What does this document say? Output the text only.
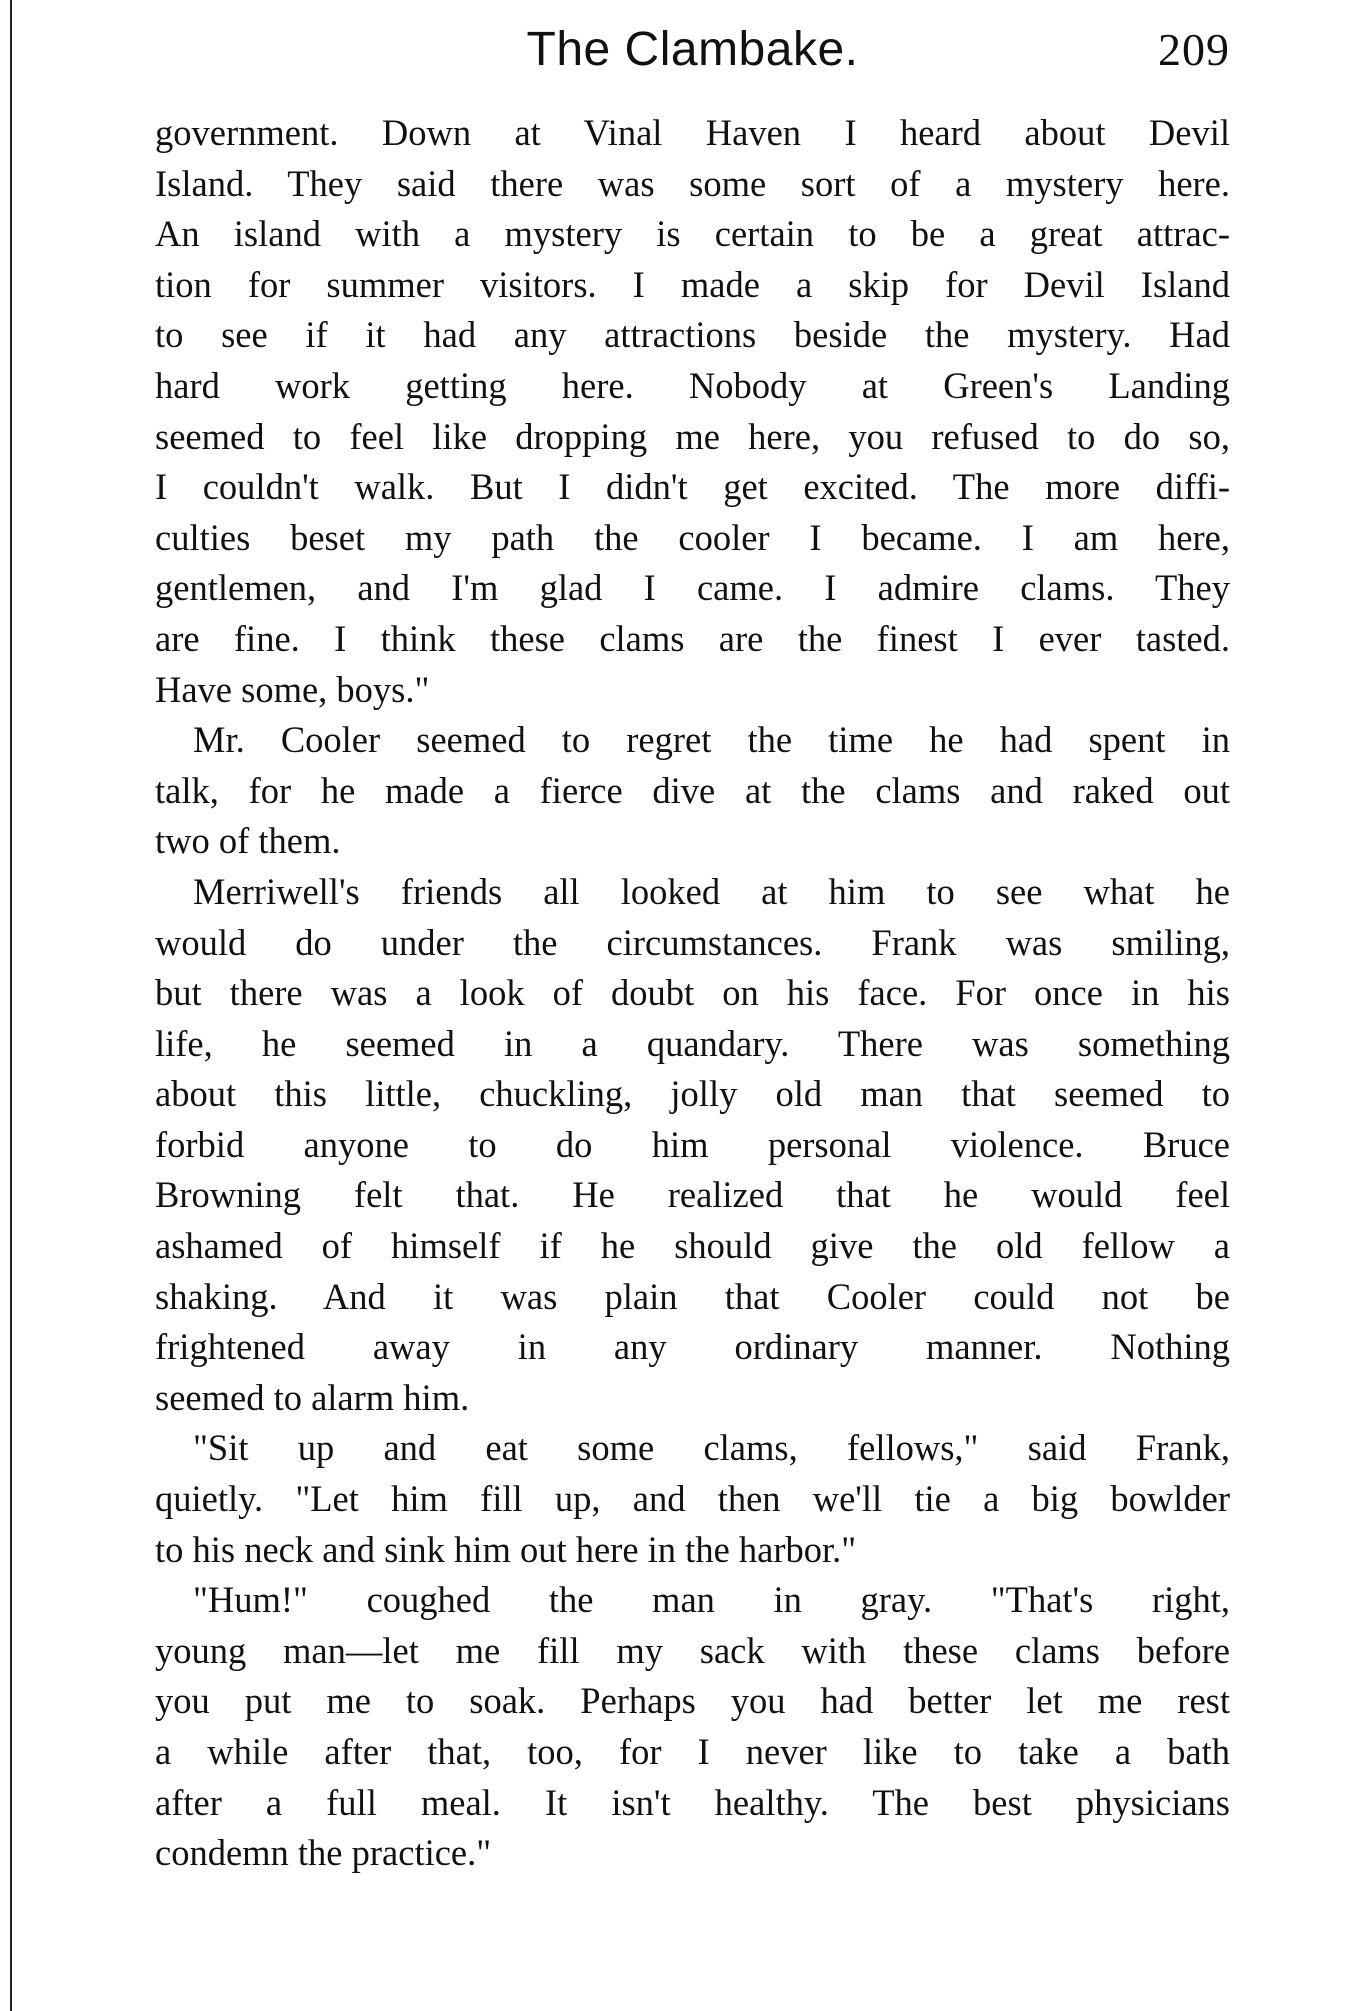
The Clambake.	209
government. Down at Vinal Haven I heard about Devil
Island. They said there was some sort of a mystery here.
An island with a mystery is certain to be a great attrac-
tion for summer visitors. I made a skip for Devil Island
to see if it had any attractions beside the mystery. Had
hard work getting here. Nobody at Green's Landing
seemed to feel like dropping me here, you refused to do so,
I couldn't walk. But I didn't get excited. The more diffi-
culties beset my path the cooler I became. I am here,
gentlemen, and I'm glad I came. I admire clams. They
are fine. I think these clams are the finest I ever tasted.
Have some, boys."
Mr. Cooler seemed to regret the time he had spent in
talk, for he made a fierce dive at the clams and raked out
two of them.
Merriwell's friends all looked at him to see what he
would do under the circumstances. Frank was smiling,
but there was a look of doubt on his face. For once in his
life, he seemed in a quandary. There was something
about this little, chuckling, jolly old man that seemed to
forbid anyone to do him personal violence. Bruce
Browning felt that. He realized that he would feel
ashamed of himself if he should give the old fellow a
shaking. And it was plain that Cooler could not be
frightened away in any ordinary manner. Nothing
seemed to alarm him.
"Sit up and eat some clams, fellows," said Frank,
quietly. "Let him fill up, and then we'll tie a big bowlder
to his neck and sink him out here in the harbor."
"Hum!" coughed the man in gray. "That's right,
young man—let me fill my sack with these clams before
you put me to soak. Perhaps you had better let me rest
a while after that, too, for I never like to take a bath
after a full meal. It isn't healthy. The best physicians
condemn the practice."
